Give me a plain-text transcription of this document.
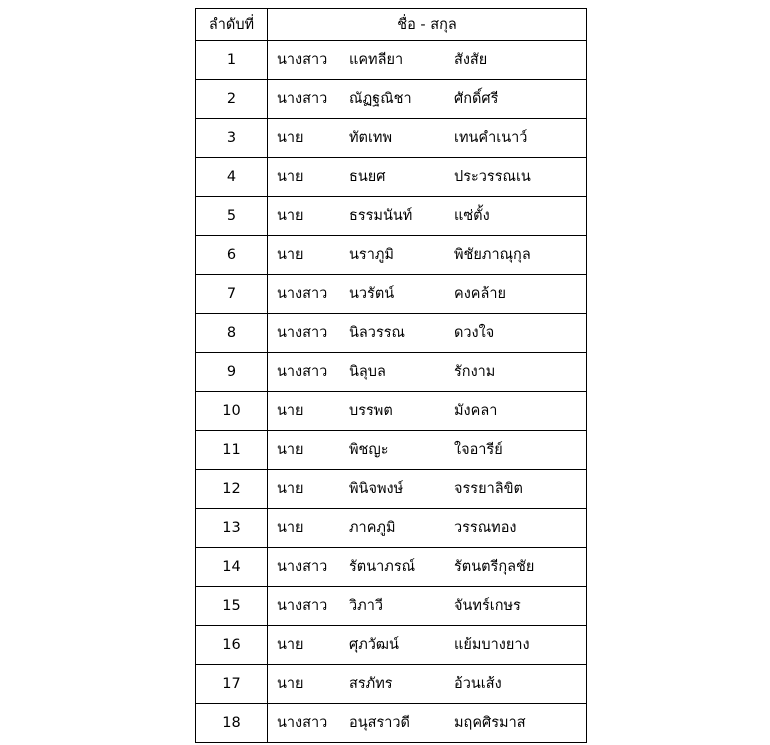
ลำดับที่	ชื่อ - สกุล
1	นางสาว แคทลียา สังสัย

2	นางสาว ณัฏฐณิชา ศักดิ์ศรี

3	นาย ทัตเทพ เทนคำเนาว์

4	นาย ธนยศ ประวรรณเน

5	นาย ธรรมนันท์ แซ่ตั้ง

6	นาย นราภูมิ พิชัยภาณุกุล

7	นางสาว นวรัตน์ คงคล้าย

8	นางสาว นิลวรรณ ดวงใจ

9	นางสาว นิลุบล รักงาม

10	นาย บรรพต มังคลา

11	นาย พิชญะ ใจอารีย์

12	นาย พินิจพงษ์ จรรยาลิขิต

13	นาย ภาคภูมิ วรรณทอง

14	นางสาว รัตนาภรณ์ รัตนตรีกุลชัย

15	นางสาว วิภาวี จันทร์เกษร

16	นาย ศุภวัฒน์ แย้มบางยาง

17	นาย สรภัทร อ้วนเส้ง

18	นางสาว อนุสราวดี มฤคศิรมาส
